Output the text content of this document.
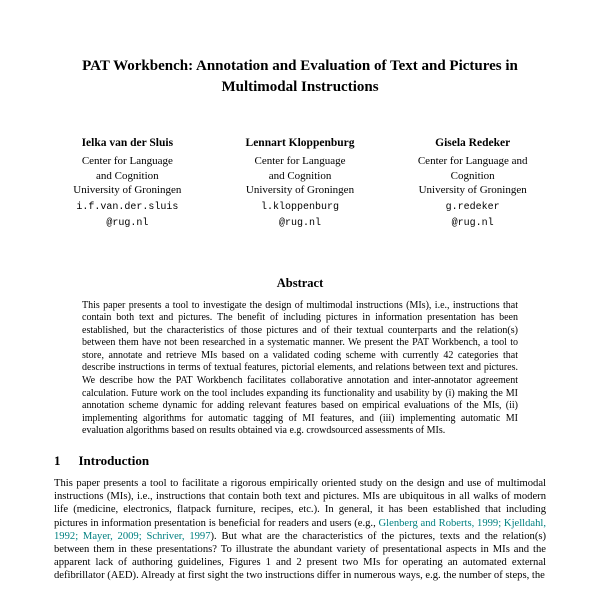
PAT Workbench: Annotation and Evaluation of Text and Pictures in
Multimodal Instructions
Ielka van der Sluis
Center for Language
and Cognition
University of Groningen
i.f.van.der.sluis
@rug.nl
Lennart Kloppenburg
Center for Language
and Cognition
University of Groningen
l.kloppenburg
@rug.nl
Gisela Redeker
Center for Language and
Cognition
University of Groningen
g.redeker
@rug.nl
Abstract
This paper presents a tool to investigate the design of multimodal instructions (MIs), i.e., instructions that contain both text and pictures. The benefit of including pictures in information presentation has been established, but the characteristics of those pictures and of their textual counterparts and the relation(s) between them have not been researched in a systematic manner. We present the PAT Workbench, a tool to store, annotate and retrieve MIs based on a validated coding scheme with currently 42 categories that describe instructions in terms of textual features, pictorial elements, and relations between text and pictures. We describe how the PAT Workbench facilitates collaborative annotation and inter-annotator agreement calculation. Future work on the tool includes expanding its functionality and usability by (i) making the MI annotation scheme dynamic for adding relevant features based on empirical evaluations of the MIs, (ii) implementing algorithms for automatic tagging of MI features, and (iii) implementing automatic MI evaluation algorithms based on results obtained via e.g. crowdsourced assessments of MIs.
1 Introduction
This paper presents a tool to facilitate a rigorous empirically oriented study on the design and use of multimodal instructions (MIs), i.e., instructions that contain both text and pictures. MIs are ubiquitous in all walks of modern life (medicine, electronics, flatpack furniture, recipes, etc.). In general, it has been established that including pictures in information presentation is beneficial for readers and users (e.g., Glenberg and Roberts, 1999; Kjelldahl, 1992; Mayer, 2009; Schriver, 1997). But what are the characteristics of the pictures, texts and the relation(s) between them in these presentations? To illustrate the abundant variety of presentational aspects in MIs and the apparent lack of authoring guidelines, Figures 1 and 2 present two MIs for operating an automated external defibrillator (AED). Already at first sight the two instructions differ in numerous ways, e.g. the number of steps, the
